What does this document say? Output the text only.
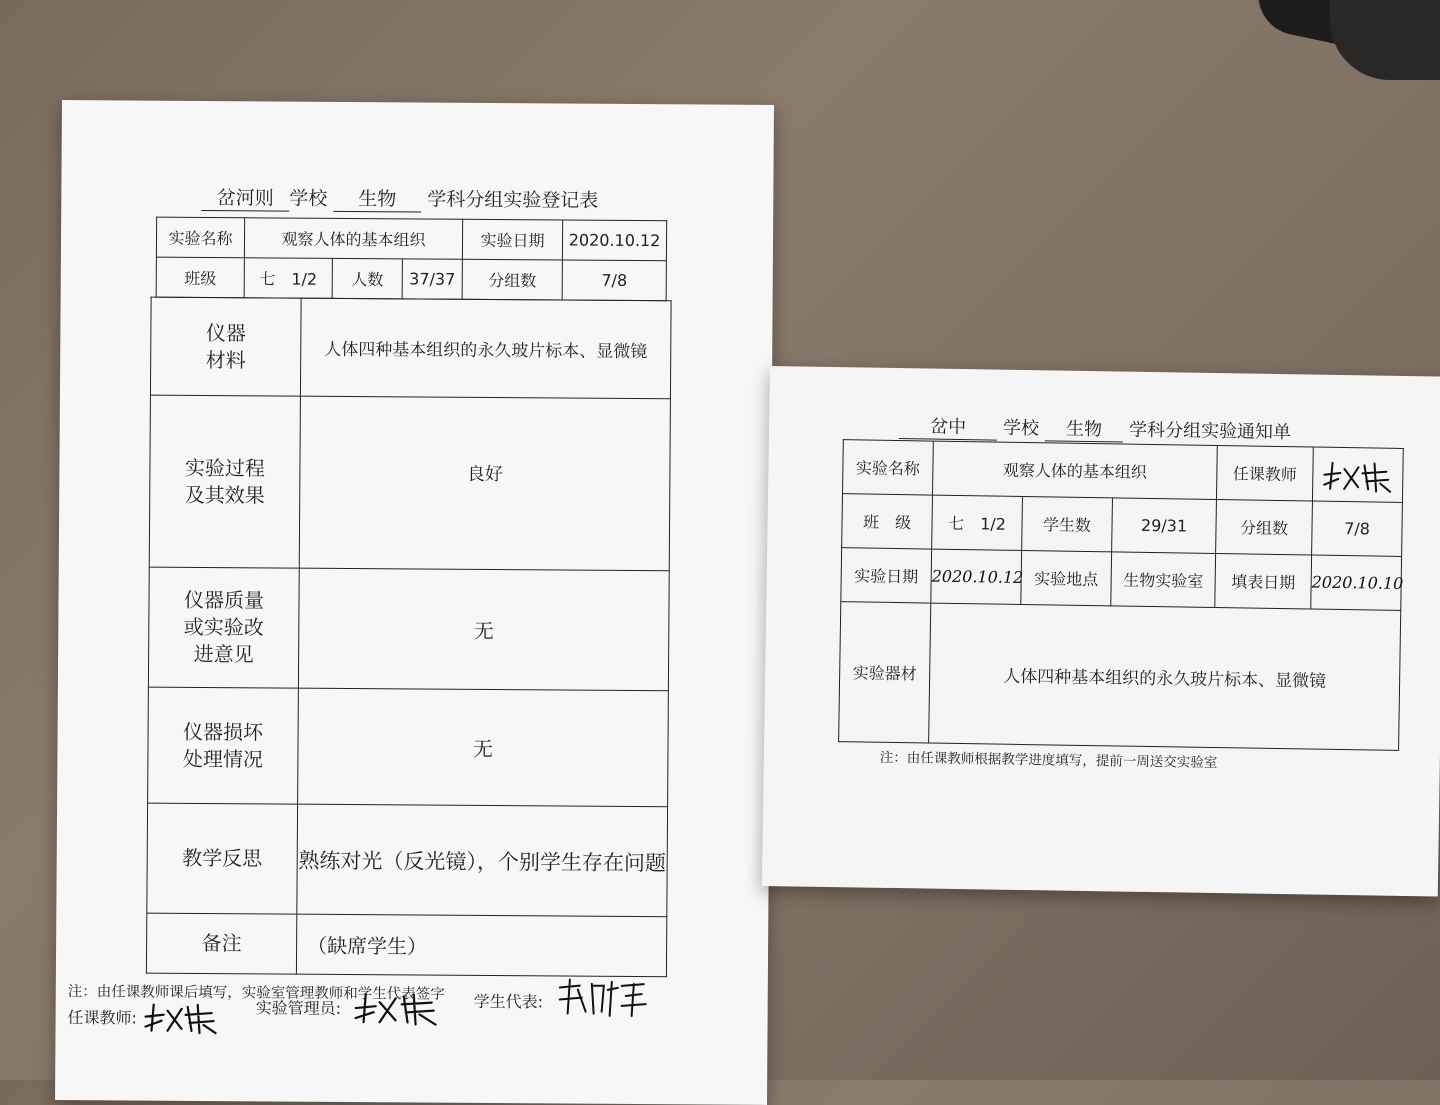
岔河则 学校 生物 学科分组实验登记表
实验名称	观察人体的基本组织			实验日期	2020.10.12
班级	七　1/2	人数	37/37	分组数	7/8
仪器
材料	人体四种基本组织的永久玻片标本、显微镜
实验过程
及其效果	良好
仪器质量
或实验改
进意见	无
仪器损坏
处理情况	无
教学反思	熟练对光（反光镜），个别学生存在问题
备注	（缺席学生）
注：由任课教师课后填写，实验室管理教师和学生代表签字
任课教师:	实验管理员:	学生代表:
岔中 学校 生物 学科分组实验通知单
实验名称	观察人体的基本组织			任课教师	

班　级	七　1/2	学生数	29/31	分组数	7/8
实验日期	2020.10.12	实验地点	生物实验室	填表日期	2020.10.10
实验器材	人体四种基本组织的永久玻片标本、显微镜				
注：由任课教师根据教学进度填写，提前一周送交实验室
